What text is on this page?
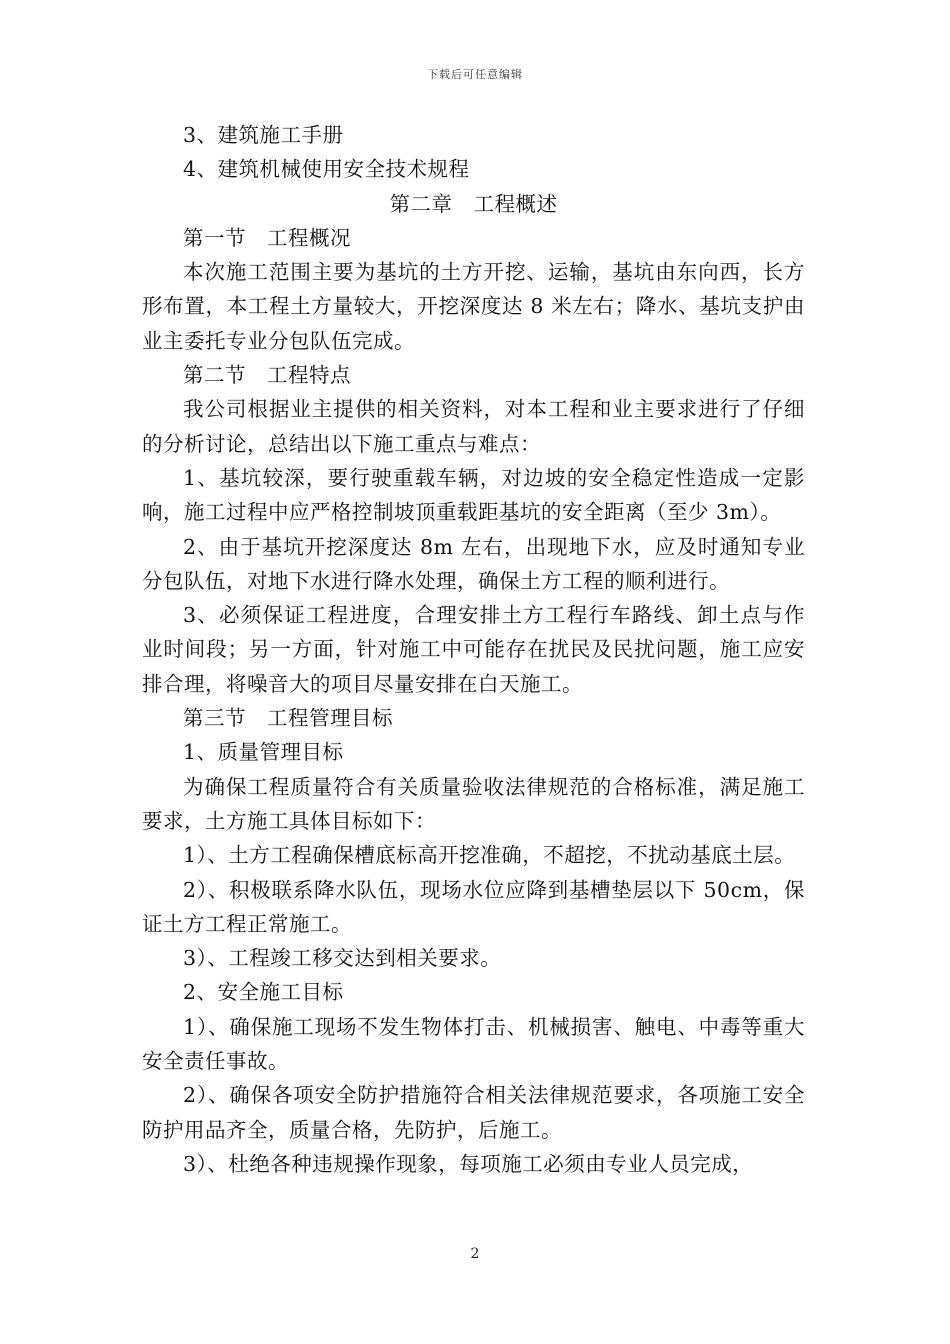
下载后可任意编辑

3、建筑施工手册

4、建筑机械使用安全技术规程

第二章　工程概述

第一节　工程概况

本次施工范围主要为基坑的土方开挖、运输，基坑由东向西，长方形布置，本工程土方量较大，开挖深度达 8 米左右；降水、基坑支护由业主委托专业分包队伍完成。

第二节　工程特点

我公司根据业主提供的相关资料，对本工程和业主要求进行了仔细的分析讨论，总结出以下施工重点与难点：

1、基坑较深，要行驶重载车辆，对边坡的安全稳定性造成一定影响，施工过程中应严格控制坡顶重载距基坑的安全距离（至少 3m）。

2、由于基坑开挖深度达 8m 左右，出现地下水，应及时通知专业分包队伍，对地下水进行降水处理，确保土方工程的顺利进行。

3、必须保证工程进度，合理安排土方工程行车路线、卸土点与作业时间段；另一方面，针对施工中可能存在扰民及民扰问题，施工应安排合理，将噪音大的项目尽量安排在白天施工。

第三节　工程管理目标

1、质量管理目标

为确保工程质量符合有关质量验收法律规范的合格标准，满足施工要求，土方施工具体目标如下：

1）、土方工程确保槽底标高开挖准确，不超挖，不扰动基底土层。

2）、积极联系降水队伍，现场水位应降到基槽垫层以下 50cm，保证土方工程正常施工。

3）、工程竣工移交达到相关要求。

2、安全施工目标

1）、确保施工现场不发生物体打击、机械损害、触电、中毒等重大安全责任事故。

2）、确保各项安全防护措施符合相关法律规范要求，各项施工安全防护用品齐全，质量合格，先防护，后施工。

3）、杜绝各种违规操作现象，每项施工必须由专业人员完成，

2
